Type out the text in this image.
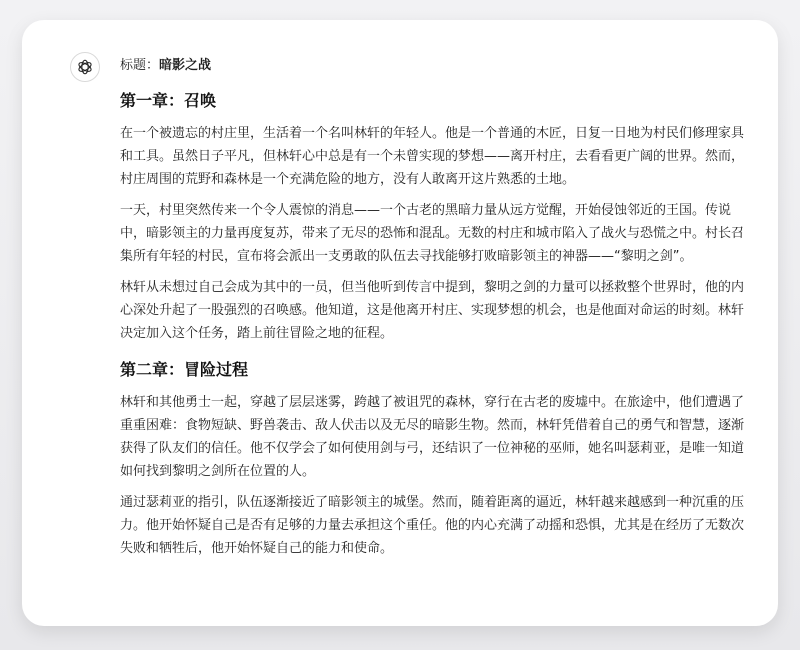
标题：暗影之战
第一章：召唤

在一个被遗忘的村庄里，生活着一个名叫林轩的年轻人。他是一个普通的木匠，日复一日地为村民们修理家具和工具。虽然日子平凡，但林轩心中总是有一个未曾实现的梦想——离开村庄，去看看更广阔的世界。然而，村庄周围的荒野和森林是一个充满危险的地方，没有人敢离开这片熟悉的土地。

一天，村里突然传来一个令人震惊的消息——一个古老的黑暗力量从远方觉醒，开始侵蚀邻近的王国。传说中，暗影领主的力量再度复苏，带来了无尽的恐怖和混乱。无数的村庄和城市陷入了战火与恐慌之中。村长召集所有年轻的村民，宣布将会派出一支勇敢的队伍去寻找能够打败暗影领主的神器——“黎明之剑”。

林轩从未想过自己会成为其中的一员，但当他听到传言中提到，黎明之剑的力量可以拯救整个世界时，他的内心深处升起了一股强烈的召唤感。他知道，这是他离开村庄、实现梦想的机会，也是他面对命运的时刻。林轩决定加入这个任务，踏上前往冒险之地的征程。

第二章：冒险过程

林轩和其他勇士一起，穿越了层层迷雾，跨越了被诅咒的森林，穿行在古老的废墟中。在旅途中，他们遭遇了重重困难：食物短缺、野兽袭击、敌人伏击以及无尽的暗影生物。然而，林轩凭借着自己的勇气和智慧，逐渐获得了队友们的信任。他不仅学会了如何使用剑与弓，还结识了一位神秘的巫师，她名叫瑟莉亚，是唯一知道如何找到黎明之剑所在位置的人。

通过瑟莉亚的指引，队伍逐渐接近了暗影领主的城堡。然而，随着距离的逼近，林轩越来越感到一种沉重的压力。他开始怀疑自己是否有足够的力量去承担这个重任。他的内心充满了动摇和恐惧，尤其是在经历了无数次失败和牺牲后，他开始怀疑自己的能力和使命。
